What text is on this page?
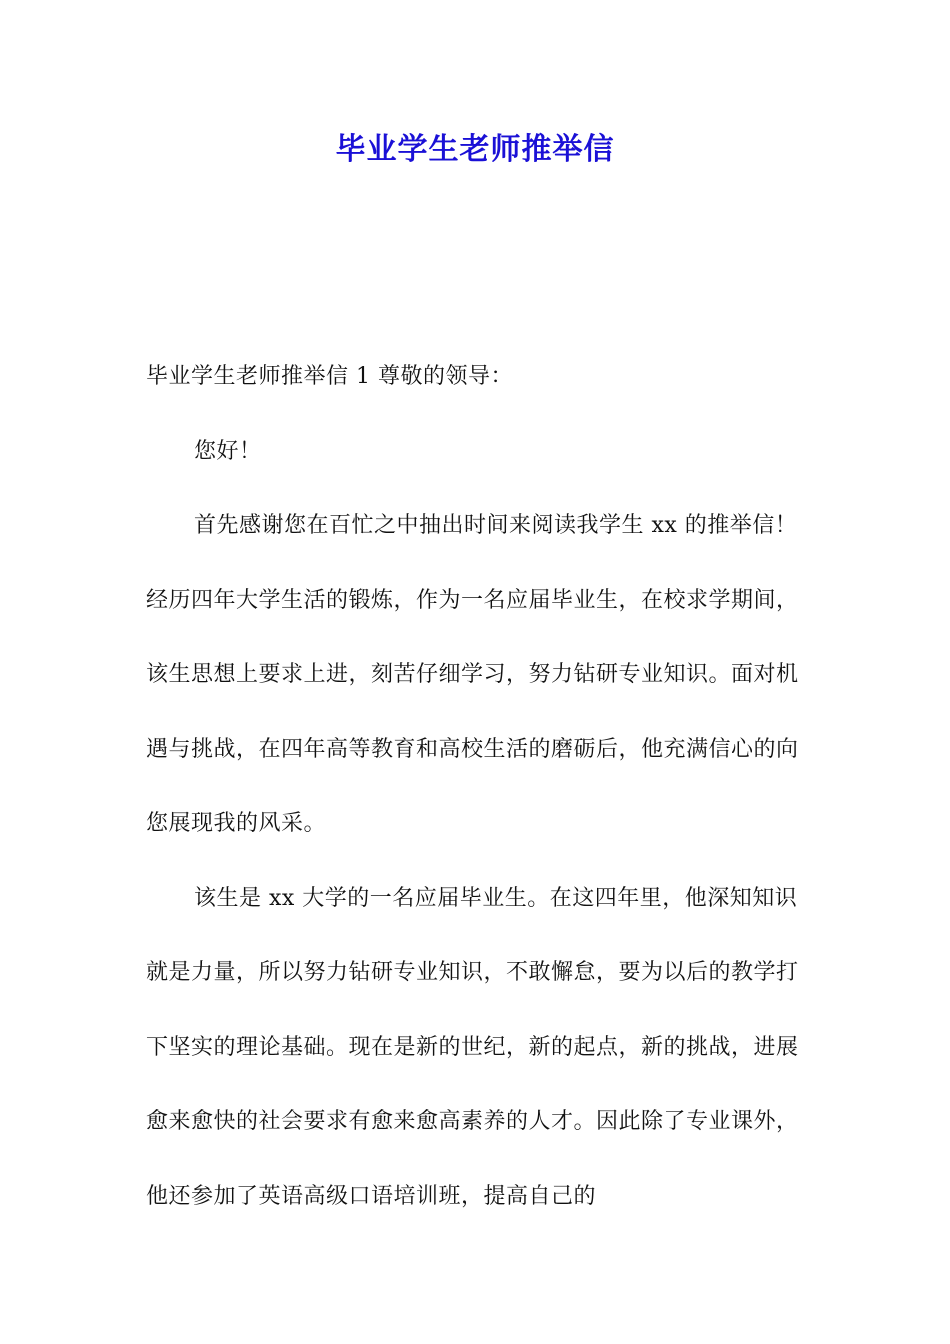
毕业学生老师推举信

毕业学生老师推举信 1 尊敬的领导：

您好！

首先感谢您在百忙之中抽出时间来阅读我学生 xx 的推举信！经历四年大学生活的锻炼，作为一名应届毕业生，在校求学期间，该生思想上要求上进，刻苦仔细学习，努力钻研专业知识。面对机遇与挑战，在四年高等教育和高校生活的磨砺后，他充满信心的向您展现我的风采。

该生是 xx 大学的一名应届毕业生。在这四年里，他深知知识就是力量，所以努力钻研专业知识，不敢懈怠，要为以后的教学打下坚实的理论基础。现在是新的世纪，新的起点，新的挑战，进展愈来愈快的社会要求有愈来愈高素养的人才。因此除了专业课外，他还参加了英语高级口语培训班，提高自己的
